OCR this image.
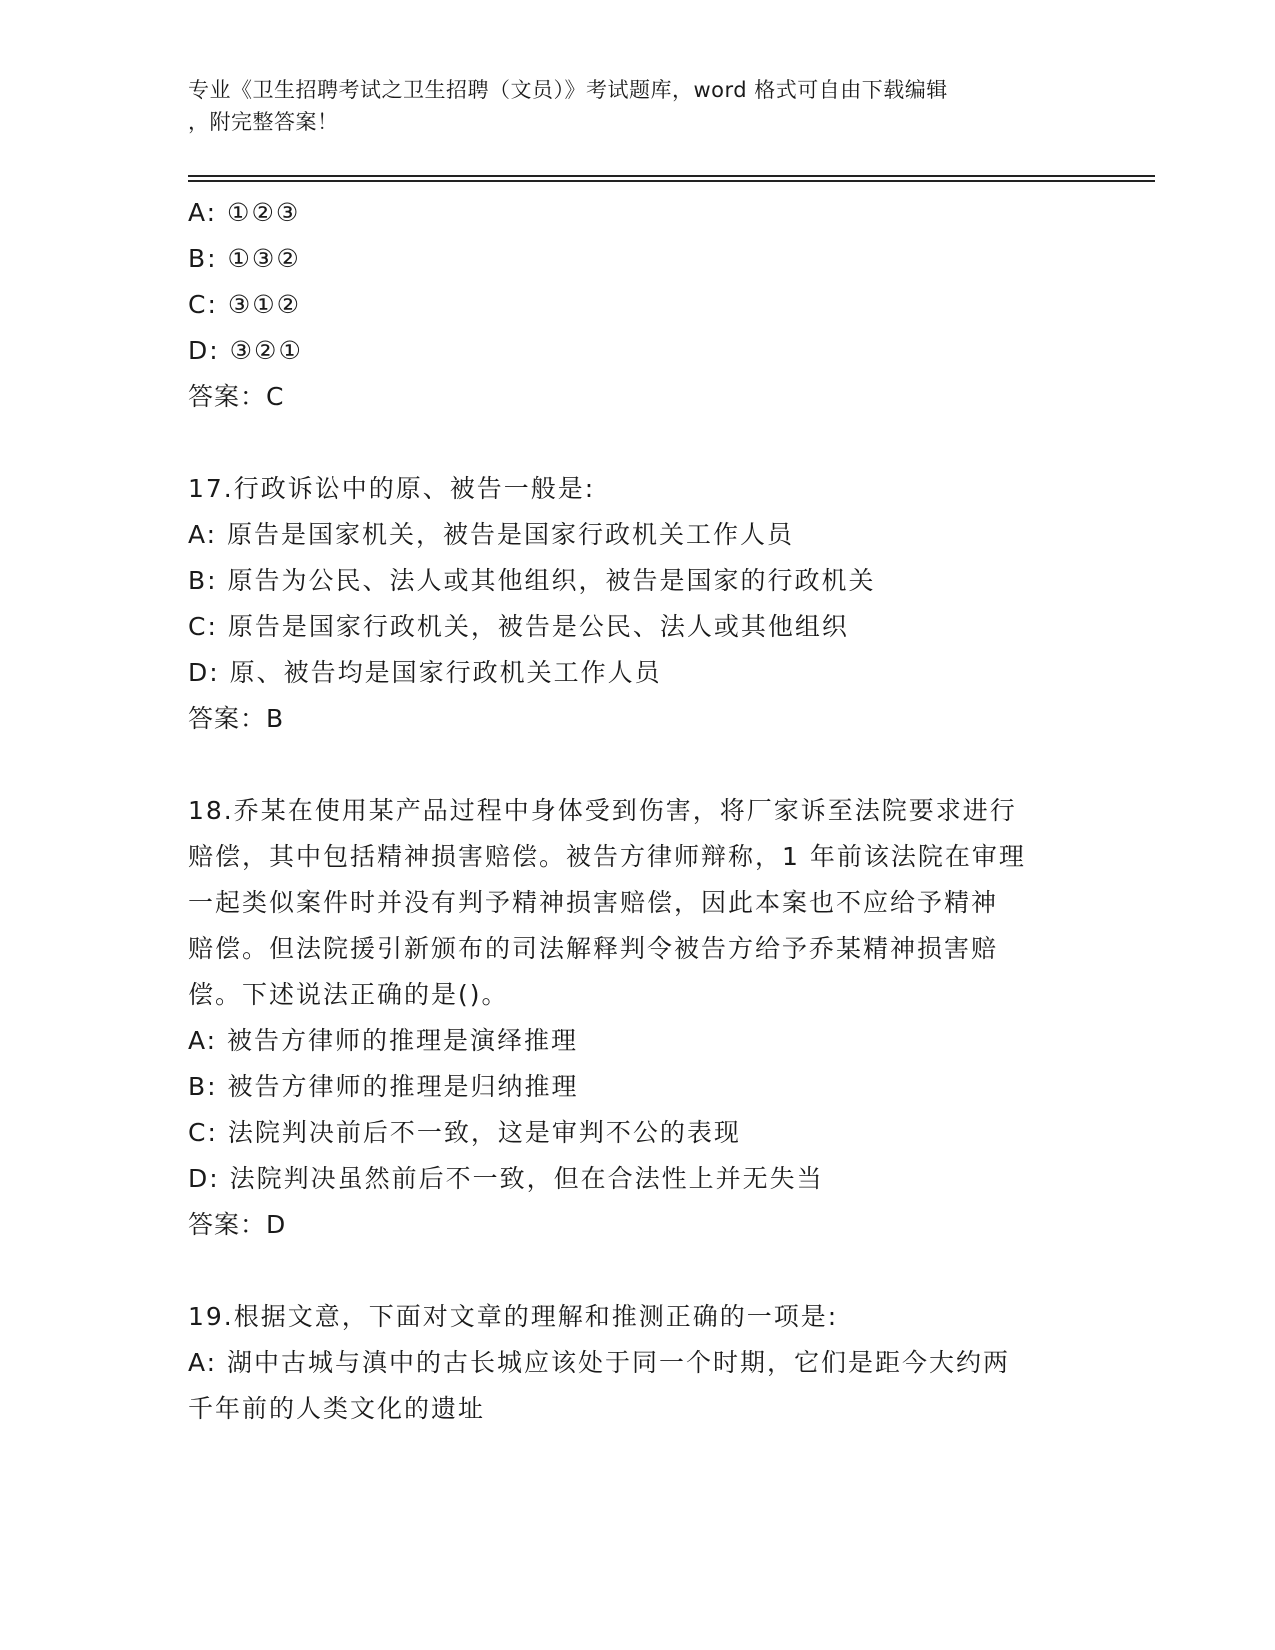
专业《卫生招聘考试之卫生招聘（文员）》考试题库，word 格式可自由下载编辑
，附完整答案！
A: ①②③
B: ①③②
C: ③①②
D: ③②①
答案：C
17.行政诉讼中的原、被告一般是:
A: 原告是国家机关，被告是国家行政机关工作人员
B: 原告为公民、法人或其他组织，被告是国家的行政机关
C: 原告是国家行政机关，被告是公民、法人或其他组织
D: 原、被告均是国家行政机关工作人员
答案：B
18.乔某在使用某产品过程中身体受到伤害，将厂家诉至法院要求进行
赔偿，其中包括精神损害赔偿。被告方律师辩称，1 年前该法院在审理
一起类似案件时并没有判予精神损害赔偿，因此本案也不应给予精神
赔偿。但法院援引新颁布的司法解释判令被告方给予乔某精神损害赔
偿。下述说法正确的是()。
A: 被告方律师的推理是演绎推理
B: 被告方律师的推理是归纳推理
C: 法院判决前后不一致，这是审判不公的表现
D: 法院判决虽然前后不一致，但在合法性上并无失当
答案：D
19.根据文意，下面对文章的理解和推测正确的一项是:
A: 湖中古城与滇中的古长城应该处于同一个时期，它们是距今大约两
千年前的人类文化的遗址
